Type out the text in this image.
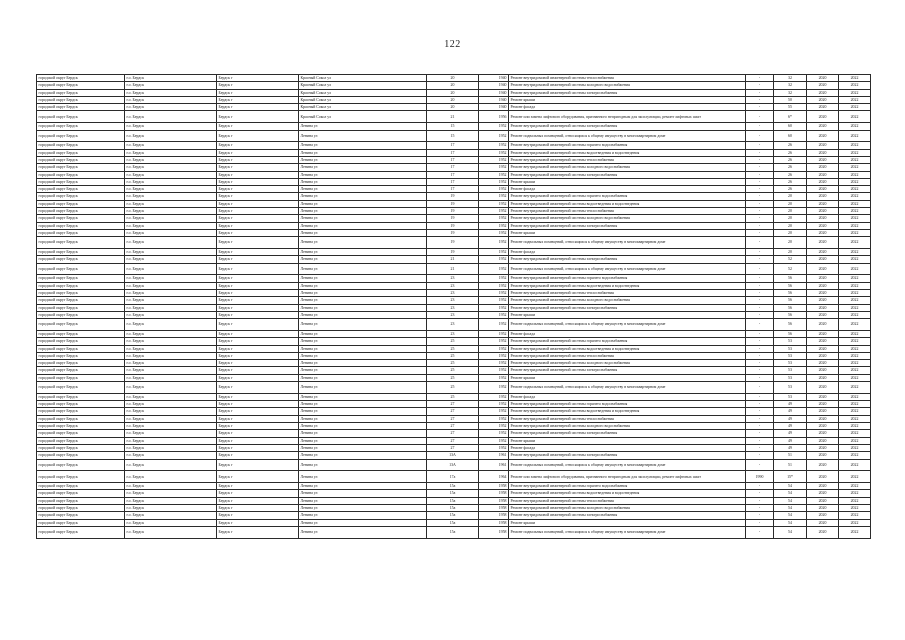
122
городской округ Бердск	г.о. Бердск	Бердск г	Красный Сокол ул	20	1940	Ремонт внутридомовой инженерной системы теплоснабжения	-	32	2020	2022
городской округ Бердск	г.о. Бердск	Бердск г	Красный Сокол ул	20	1940	Ремонт внутридомовой инженерной системы холодного водоснабжения	-	32	2020	2022
городской округ Бердск	г.о. Бердск	Бердск г	Красный Сокол ул	20	1940	Ремонт внутридомовой инженерной системы электроснабжения	-	32	2020	2022
городской округ Бердск	г.о. Бердск	Бердск г	Красный Сокол ул	20	1940	Ремонт крыши	-	50	2020	2022
городской округ Бердск	г.о. Бердск	Бердск г	Красный Сокол ул	20	1940	Ремонт фасада	-	55	2020	2022
городской округ Бердск	г.о. Бердск	Бердск г	Красный Сокол ул	21	1956	Ремонт или замена лифтового оборудования, признанного непригодным для эксплуатации, ремонт лифтовых шахт	-	6*	2020	2022
городской округ Бердск	г.о. Бердск	Бердск г	Ленина ул	15	1952	Ремонт внутридомовой инженерной системы электроснабжения	-	60	2020	2022
городской округ Бердск	г.о. Бердск	Бердск г	Ленина ул	15	1952	Ремонт подвальных помещений, относящихся к общему имуществу в многоквартирном доме	-	60	2020	2022
городской округ Бердск	г.о. Бердск	Бердск г	Ленина ул	17	1952	Ремонт внутридомовой инженерной системы горячего водоснабжения	-	26	2020	2022
городской округ Бердск	г.о. Бердск	Бердск г	Ленина ул	17	1952	Ремонт внутридомовой инженерной системы водоотведения и водоотведения	-	26	2020	2022
городской округ Бердск	г.о. Бердск	Бердск г	Ленина ул	17	1952	Ремонт внутридомовой инженерной системы теплоснабжения	-	26	2020	2022
городской округ Бердск	г.о. Бердск	Бердск г	Ленина ул	17	1952	Ремонт внутридомовой инженерной системы холодного водоснабжения	-	26	2020	2022
городской округ Бердск	г.о. Бердск	Бердск г	Ленина ул	17	1952	Ремонт внутридомовой инженерной системы электроснабжения	-	26	2020	2022
городской округ Бердск	г.о. Бердск	Бердск г	Ленина ул	17	1952	Ремонт крыши	-	26	2020	2022
городской округ Бердск	г.о. Бердск	Бердск г	Ленина ул	17	1952	Ремонт фасада	-	26	2020	2022
городской округ Бердск	г.о. Бердск	Бердск г	Ленина ул	19	1952	Ремонт внутридомовой инженерной системы горячего водоснабжения	-	20	2020	2022
городской округ Бердск	г.о. Бердск	Бердск г	Ленина ул	19	1952	Ремонт внутридомовой инженерной системы водоотведения и водоотведения	-	20	2020	2022
городской округ Бердск	г.о. Бердск	Бердск г	Ленина ул	19	1952	Ремонт внутридомовой инженерной системы теплоснабжения	-	20	2020	2022
городской округ Бердск	г.о. Бердск	Бердск г	Ленина ул	19	1952	Ремонт внутридомовой инженерной системы холодного водоснабжения	-	20	2020	2022
городской округ Бердск	г.о. Бердск	Бердск г	Ленина ул	19	1952	Ремонт внутридомовой инженерной системы электроснабжения	-	20	2020	2022
городской округ Бердск	г.о. Бердск	Бердск г	Ленина ул	19	1952	Ремонт крыши	-	20	2020	2022
городской округ Бердск	г.о. Бердск	Бердск г	Ленина ул	19	1952	Ремонт подвальных помещений, относящихся к общему имуществу в многоквартирном доме	-	20	2020	2022
городской округ Бердск	г.о. Бердск	Бердск г	Ленина ул	19	1952	Ремонт фасада	-	20	2020	2022
городской округ Бердск	г.о. Бердск	Бердск г	Ленина ул	21	1952	Ремонт внутридомовой инженерной системы электроснабжения	-	52	2020	2022
городской округ Бердск	г.о. Бердск	Бердск г	Ленина ул	21	1952	Ремонт подвальных помещений, относящихся к общему имуществу в многоквартирном доме	-	52	2020	2022
городской округ Бердск	г.о. Бердск	Бердск г	Ленина ул	23	1952	Ремонт внутридомовой инженерной системы горячего водоснабжения	-	56	2020	2022
городской округ Бердск	г.о. Бердск	Бердск г	Ленина ул	23	1952	Ремонт внутридомовой инженерной системы водоотведения и водоотведения	-	56	2020	2022
городской округ Бердск	г.о. Бердск	Бердск г	Ленина ул	23	1952	Ремонт внутридомовой инженерной системы теплоснабжения	-	56	2020	2022
городской округ Бердск	г.о. Бердск	Бердск г	Ленина ул	23	1952	Ремонт внутридомовой инженерной системы холодного водоснабжения	-	56	2020	2022
городской округ Бердск	г.о. Бердск	Бердск г	Ленина ул	23	1952	Ремонт внутридомовой инженерной системы электроснабжения	-	56	2020	2022
городской округ Бердск	г.о. Бердск	Бердск г	Ленина ул	23	1952	Ремонт крыши	-	56	2020	2022
городской округ Бердск	г.о. Бердск	Бердск г	Ленина ул	23	1952	Ремонт подвальных помещений, относящихся к общему имуществу в многоквартирном доме	-	56	2020	2022
городской округ Бердск	г.о. Бердск	Бердск г	Ленина ул	23	1952	Ремонт фасада	-	56	2020	2022
городской округ Бердск	г.о. Бердск	Бердск г	Ленина ул	25	1952	Ремонт внутридомовой инженерной системы горячего водоснабжения	-	53	2020	2022
городской округ Бердск	г.о. Бердск	Бердск г	Ленина ул	25	1952	Ремонт внутридомовой инженерной системы водоотведения и водоотведения	-	53	2020	2022
городской округ Бердск	г.о. Бердск	Бердск г	Ленина ул	25	1952	Ремонт внутридомовой инженерной системы теплоснабжения	-	53	2020	2022
городской округ Бердск	г.о. Бердск	Бердск г	Ленина ул	25	1952	Ремонт внутридомовой инженерной системы холодного водоснабжения	-	53	2020	2022
городской округ Бердск	г.о. Бердск	Бердск г	Ленина ул	25	1952	Ремонт внутридомовой инженерной системы электроснабжения	-	53	2020	2022
городской округ Бердск	г.о. Бердск	Бердск г	Ленина ул	25	1952	Ремонт крыши	-	53	2020	2022
городской округ Бердск	г.о. Бердск	Бердск г	Ленина ул	25	1952	Ремонт подвальных помещений, относящихся к общему имуществу в многоквартирном доме	-	53	2020	2022
городской округ Бердск	г.о. Бердск	Бердск г	Ленина ул	25	1952	Ремонт фасада	-	53	2020	2022
городской округ Бердск	г.о. Бердск	Бердск г	Ленина ул	27	1952	Ремонт внутридомовой инженерной системы горячего водоснабжения	-	49	2020	2022
городской округ Бердск	г.о. Бердск	Бердск г	Ленина ул	27	1952	Ремонт внутридомовой инженерной системы водоотведения и водоотведения	-	49	2020	2022
городской округ Бердск	г.о. Бердск	Бердск г	Ленина ул	27	1952	Ремонт внутридомовой инженерной системы теплоснабжения	-	49	2020	2022
городской округ Бердск	г.о. Бердск	Бердск г	Ленина ул	27	1952	Ремонт внутридомовой инженерной системы холодного водоснабжения	-	49	2020	2022
городской округ Бердск	г.о. Бердск	Бердск г	Ленина ул	27	1952	Ремонт внутридомовой инженерной системы электроснабжения	-	49	2020	2022
городской округ Бердск	г.о. Бердск	Бердск г	Ленина ул	27	1952	Ремонт крыши	-	49	2020	2022
городской округ Бердск	г.о. Бердск	Бердск г	Ленина ул	27	1952	Ремонт фасада	-	49	2020	2022
городской округ Бердск	г.о. Бердск	Бердск г	Ленина ул	13А	1961	Ремонт внутридомовой инженерной системы электроснабжения	-	51	2020	2022
городской округ Бердск	г.о. Бердск	Бердск г	Ленина ул	13А	1961	Ремонт подвальных помещений, относящихся к общему имуществу в многоквартирном доме	-	51	2020	2022
городской округ Бердск	г.о. Бердск	Бердск г	Ленина ул	17а	1964	Ремонт или замена лифтового оборудования, признанного непригодным для эксплуатации, ремонт лифтовых шахт	1990	15*	2020	2022
городской округ Бердск	г.о. Бердск	Бердск г	Ленина ул	15а	1958	Ремонт внутридомовой инженерной системы горячего водоснабжения	-	54	2020	2022
городской округ Бердск	г.о. Бердск	Бердск г	Ленина ул	15а	1958	Ремонт внутридомовой инженерной системы водоотведения и водоотведения	-	54	2020	2022
городской округ Бердск	г.о. Бердск	Бердск г	Ленина ул	15а	1958	Ремонт внутридомовой инженерной системы теплоснабжения	-	54	2020	2022
городской округ Бердск	г.о. Бердск	Бердск г	Ленина ул	15а	1958	Ремонт внутридомовой инженерной системы холодного водоснабжения	-	54	2020	2022
городской округ Бердск	г.о. Бердск	Бердск г	Ленина ул	15а	1958	Ремонт внутридомовой инженерной системы электроснабжения	-	54	2020	2022
городской округ Бердск	г.о. Бердск	Бердск г	Ленина ул	15а	1958	Ремонт крыши	-	54	2020	2022
городской округ Бердск	г.о. Бердск	Бердск г	Ленина ул	15а	1958	Ремонт подвальных помещений, относящихся к общему имуществу в многоквартирном доме	-	54	2020	2022
